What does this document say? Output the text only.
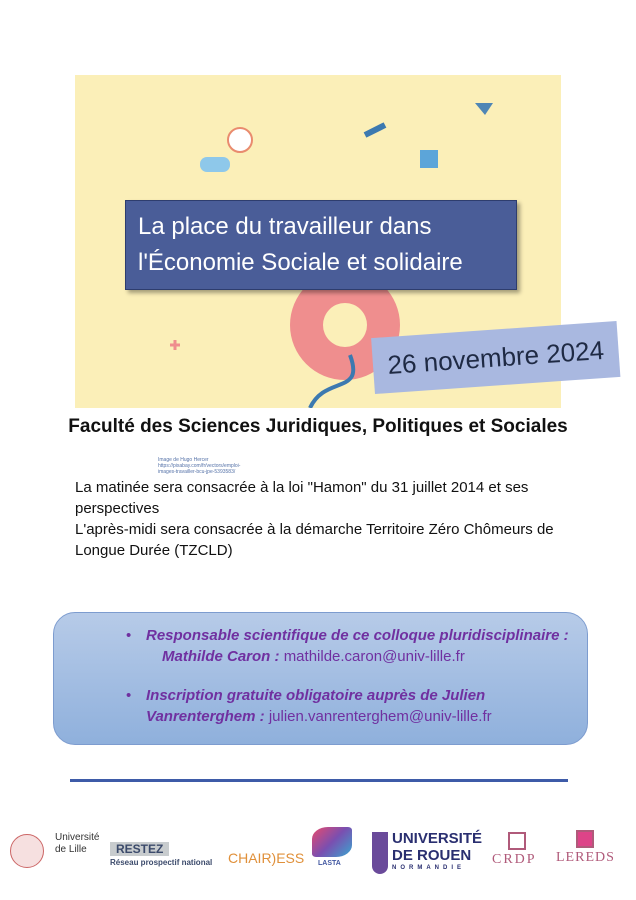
Image de Hugo Hercer https://pixabay.com/fr/vectors/emploi-images-travailler-bcu-jpe-5393583/
La place du travailleur dans l'Économie Sociale et solidaire
26 novembre 2024
Faculté des Sciences Juridiques, Politiques et Sociales

La matinée sera consacrée à la loi "Hamon" du 31 juillet 2014 et ses perspectives

L'après-midi sera consacrée à la démarche Territoire Zéro Chômeurs de Longue Durée (TZCLD)

• Responsable scientifique de ce colloque pluridisciplinaire :
Mathilde Caron : mathilde.caron@univ-lille.fr
• Inscription gratuite obligatoire auprès de Julien
Vanrenterghem : julien.vanrenterghem@univ-lille.fr
Université de Lille	RESTEZ
Réseau prospectif national CHAIR)ESS LASTA
UNIVERSITÉ
DE ROUEN
NORMANDIE
CRDP LEREDS
